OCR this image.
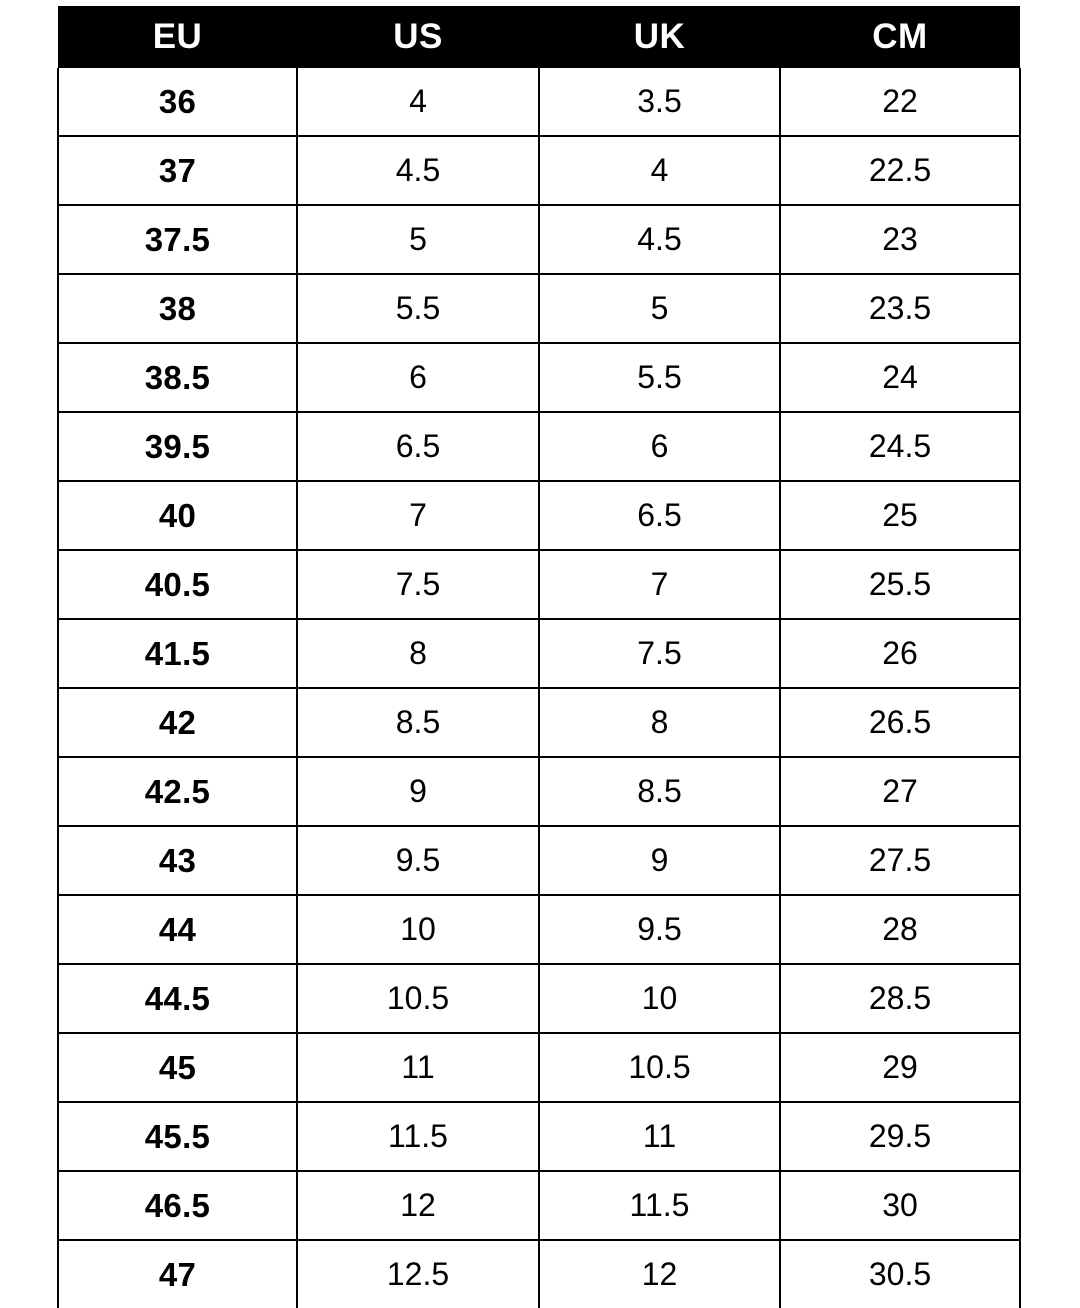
EU	US	UK	CM
36	4	3.5	22
37	4.5	4	22.5
37.5	5	4.5	23
38	5.5	5	23.5
38.5	6	5.5	24
39.5	6.5	6	24.5
40	7	6.5	25
40.5	7.5	7	25.5
41.5	8	7.5	26
42	8.5	8	26.5
42.5	9	8.5	27
43	9.5	9	27.5
44	10	9.5	28
44.5	10.5	10	28.5
45	11	10.5	29
45.5	11.5	11	29.5
46.5	12	11.5	30
47	12.5	12	30.5
